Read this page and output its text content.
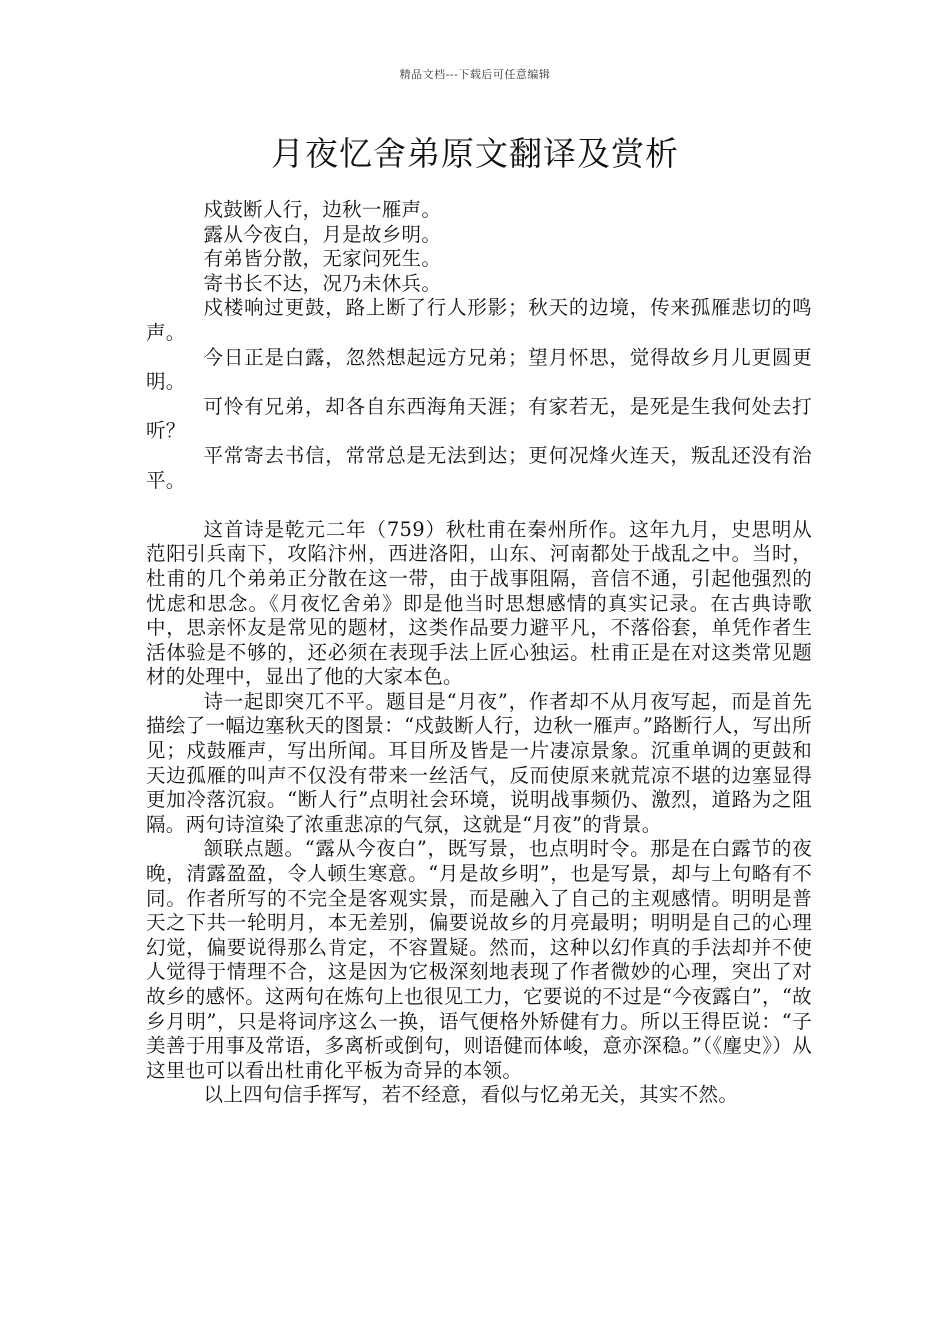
精品文档---下载后可任意编辑
月夜忆舍弟原文翻译及赏析

戍鼓断人行，边秋一雁声。

露从今夜白，月是故乡明。

有弟皆分散，无家问死生。

寄书长不达，况乃未休兵。

戍楼响过更鼓，路上断了行人形影；秋天的边境，传来孤雁悲切的鸣声。

今日正是白露，忽然想起远方兄弟；望月怀思，觉得故乡月儿更圆更明。

可怜有兄弟，却各自东西海角天涯；有家若无，是死是生我何处去打听？

平常寄去书信，常常总是无法到达；更何况烽火连天，叛乱还没有治平。

这首诗是乾元二年（759）秋杜甫在秦州所作。这年九月，史思明从范阳引兵南下，攻陷汴州，西进洛阳，山东、河南都处于战乱之中。当时，杜甫的几个弟弟正分散在这一带，由于战事阻隔，音信不通，引起他强烈的忧虑和思念。《月夜忆舍弟》即是他当时思想感情的真实记录。在古典诗歌中，思亲怀友是常见的题材，这类作品要力避平凡，不落俗套，单凭作者生活体验是不够的，还必须在表现手法上匠心独运。杜甫正是在对这类常见题材的处理中，显出了他的大家本色。

诗一起即突兀不平。题目是“月夜”，作者却不从月夜写起，而是首先描绘了一幅边塞秋天的图景：“戍鼓断人行，边秋一雁声。”路断行人，写出所见；戍鼓雁声，写出所闻。耳目所及皆是一片凄凉景象。沉重单调的更鼓和天边孤雁的叫声不仅没有带来一丝活气，反而使原来就荒凉不堪的边塞显得更加冷落沉寂。“断人行”点明社会环境，说明战事频仍、激烈，道路为之阻隔。两句诗渲染了浓重悲凉的气氛，这就是“月夜”的背景。

颔联点题。“露从今夜白”，既写景，也点明时令。那是在白露节的夜晚，清露盈盈，令人顿生寒意。“月是故乡明”，也是写景，却与上句略有不同。作者所写的不完全是客观实景，而是融入了自己的主观感情。明明是普天之下共一轮明月，本无差别，偏要说故乡的月亮最明；明明是自己的心理幻觉，偏要说得那么肯定，不容置疑。然而，这种以幻作真的手法却并不使人觉得于情理不合，这是因为它极深刻地表现了作者微妙的心理，突出了对故乡的感怀。这两句在炼句上也很见工力，它要说的不过是“今夜露白”，“故乡月明”，只是将词序这么一换，语气便格外矫健有力。所以王得臣说：“子美善于用事及常语，多离析或倒句，则语健而体峻，意亦深稳。”（《麈史》）从这里也可以看出杜甫化平板为奇异的本领。

以上四句信手挥写，若不经意，看似与忆弟无关，其实不然。
